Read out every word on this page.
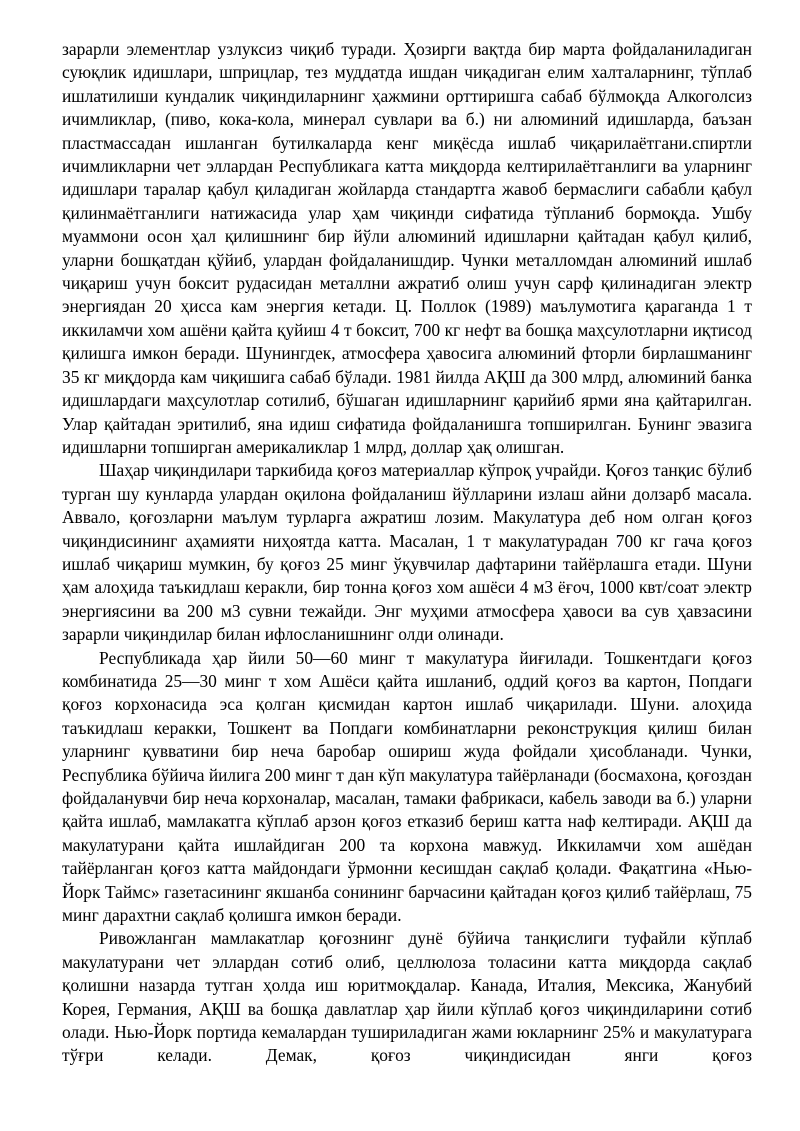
зарарли элементлар узлуксиз чиқиб туради. Ҳозирги вақтда бир марта фойдаланиладиган суюқлик идишлари, шприцлар, тез муддатда ишдан чиқадиган елим халталарнинг, тўплаб ишлатилиши кундалик чиқиндиларнинг ҳажмини орттиришга сабаб бўлмоқда Алкоголсиз ичимликлар, (пиво, кока-кола, минерал сувлари ва б.) ни алюминий идишларда, баъзан пластмассадан ишланган бутилкаларда кенг миқёсда ишлаб чиқарилаётгани.спиртли ичимликларни чет эллардан Республикага катта миқдорда келтирилаётганлиги ва уларнинг идишлари таралар қабул қиладиган жойларда стандартга жавоб бермаслиги сабабли қабул қилинмаётганлиги натижасида улар ҳам чиқинди сифатида тўпланиб бормоқда. Ушбу муаммони осон ҳал қилишнинг бир йўли алюминий идишларни қайтадан қабул қилиб, уларни бошқатдан қўйиб, улардан фойдаланишдир. Чунки металломдан алюминий ишлаб чиқариш учун боксит рудасидан металлни ажратиб олиш учун сарф қилинадиган электр энергиядан 20 ҳисса кам энергия кетади. Ц. Поллок (1989) маълумотига қараганда 1 т иккиламчи хом ашёни қайта қуйиш 4 т боксит, 700 кг нефт ва бошқа маҳсулотларни иқтисод қилишга имкон беради. Шунингдек, атмосфера ҳавосига алюминий фторли бирлашманинг 35 кг миқдорда кам чиқишига сабаб бўлади. 1981 йилда АҚШ да 300 млрд, алюминий банка идишлардаги маҳсулотлар сотилиб, бўшаган идишларнинг қарийиб ярми яна қайтарилган. Улар қайтадан эритилиб, яна идиш сифатида фойдаланишга топширилган. Бунинг эвазига идишларни топширган америкаликлар 1 млрд, доллар ҳақ олишган.

Шаҳар чиқиндилари таркибида қоғоз материаллар кўпроқ учрайди. Қоғоз танқис бўлиб турган шу кунларда улардан оқилона фойдаланиш йўлларини излаш айни долзарб масала. Аввало, қоғозларни маълум турларга ажратиш лозим. Макулатура деб ном олган қоғоз чиқиндисининг аҳамияти ниҳоятда катта. Масалан, 1 т макулатурадан 700 кг гача қоғоз ишлаб чиқариш мумкин, бу қоғоз 25 минг ўқувчилар дафтарини тайёрлашга етади. Шуни ҳам алоҳида таъкидлаш керакли, бир тонна қоғоз хом ашёси 4 м3 ёғоч, 1000 квт/соат электр энергиясини ва 200 м3 сувни тежайди. Энг муҳими атмосфера ҳавоси ва сув ҳавзасини зарарли чиқиндилар билан ифлосланишнинг олди олинади.

Республикада ҳар йили 50—60 минг т макулатура йиғилади. Тошкентдаги қоғоз комбинатида 25—30 минг т хом Ашёси қайта ишланиб, оддий қоғоз ва картон, Попдаги қоғоз корхонасида эса қолган қисмидан картон ишлаб чиқарилади. Шуни. алоҳида таъкидлаш керакки, Тошкент ва Попдаги комбинатларни реконструкция қилиш билан уларнинг қувватини бир неча баробар ошириш жуда фойдали ҳисобланади. Чунки, Республика бўйича йилига 200 минг т дан кўп макулатура тайёрланади (босмахона, қоғоздан фойдаланувчи бир неча корхоналар, масалан, тамаки фабрикаси, кабель заводи ва б.) уларни қайта ишлаб, мамлакатга кўплаб арзон қоғоз етказиб бериш катта наф келтиради. АҚШ да макулатурани қайта ишлайдиган 200 та корхона мавжуд. Иккиламчи хом ашёдан тайёрланган қоғоз катта майдондаги ўрмонни кесишдан сақлаб қолади. Фақатгина «Нью-Йорк Таймс» газетасининг якшанба сонининг барчасини қайтадан қоғоз қилиб тайёрлаш, 75 минг дарахтни сақлаб қолишга имкон беради.

Ривожланган мамлакатлар қоғознинг дунё бўйича танқислиги туфайли кўплаб макулатурани чет эллардан сотиб олиб, целлюлоза толасини катта миқдорда сақлаб қолишни назарда тутган ҳолда иш юритмоқдалар. Канада, Италия, Мексика, Жанубий Корея, Германия, АҚШ ва бошқа давлатлар ҳар йили кўплаб қоғоз чиқиндиларини сотиб олади. Нью-Йорк портида кемалардан тушириладиган жами юкларнинг 25% и макулатурага тўғри келади. Демак, қоғоз чиқиндисидан янги қоғоз
